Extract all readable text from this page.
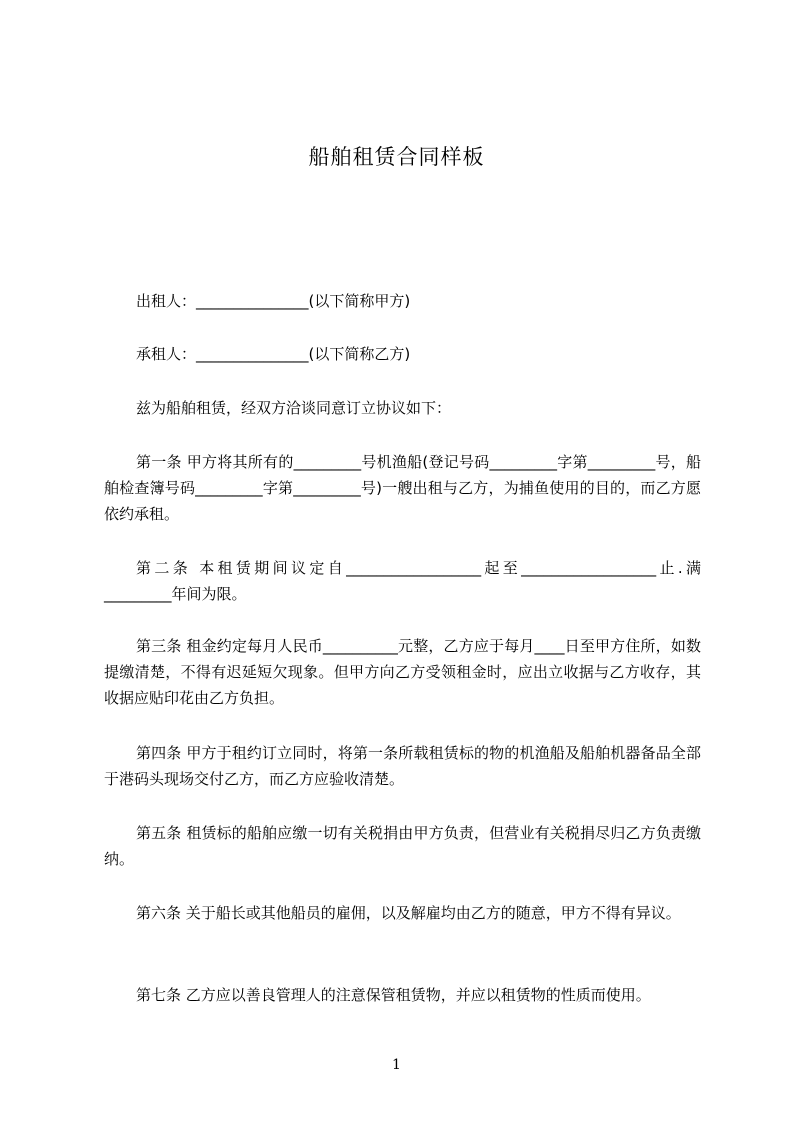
船舶租赁合同样板
出租人：_______________(以下简称甲方)
承租人：_______________(以下简称乙方)
兹为船舶租赁，经双方洽谈同意订立协议如下：
第一条 甲方将其所有的_________号机渔船(登记号码_________字第_________号，船舶检查簿号码_________字第_________号)一艘出租与乙方，为捕鱼使用的目的，而乙方愿依约承租。
第二条 本租赁期间议定自__________________起至__________________止.满_________年间为限。
第三条 租金约定每月人民币__________元整，乙方应于每月____日至甲方住所，如数提缴清楚，不得有迟延短欠现象。但甲方向乙方受领租金时，应出立收据与乙方收存，其收据应贴印花由乙方负担。
第四条 甲方于租约订立同时，将第一条所载租赁标的物的机渔船及船舶机器备品全部于港码头现场交付乙方，而乙方应验收清楚。
第五条 租赁标的船舶应缴一切有关税捐由甲方负责，但营业有关税捐尽归乙方负责缴纳。
第六条 关于船长或其他船员的雇佣，以及解雇均由乙方的随意，甲方不得有异议。
第七条 乙方应以善良管理人的注意保管租赁物，并应以租赁物的性质而使用。
1
